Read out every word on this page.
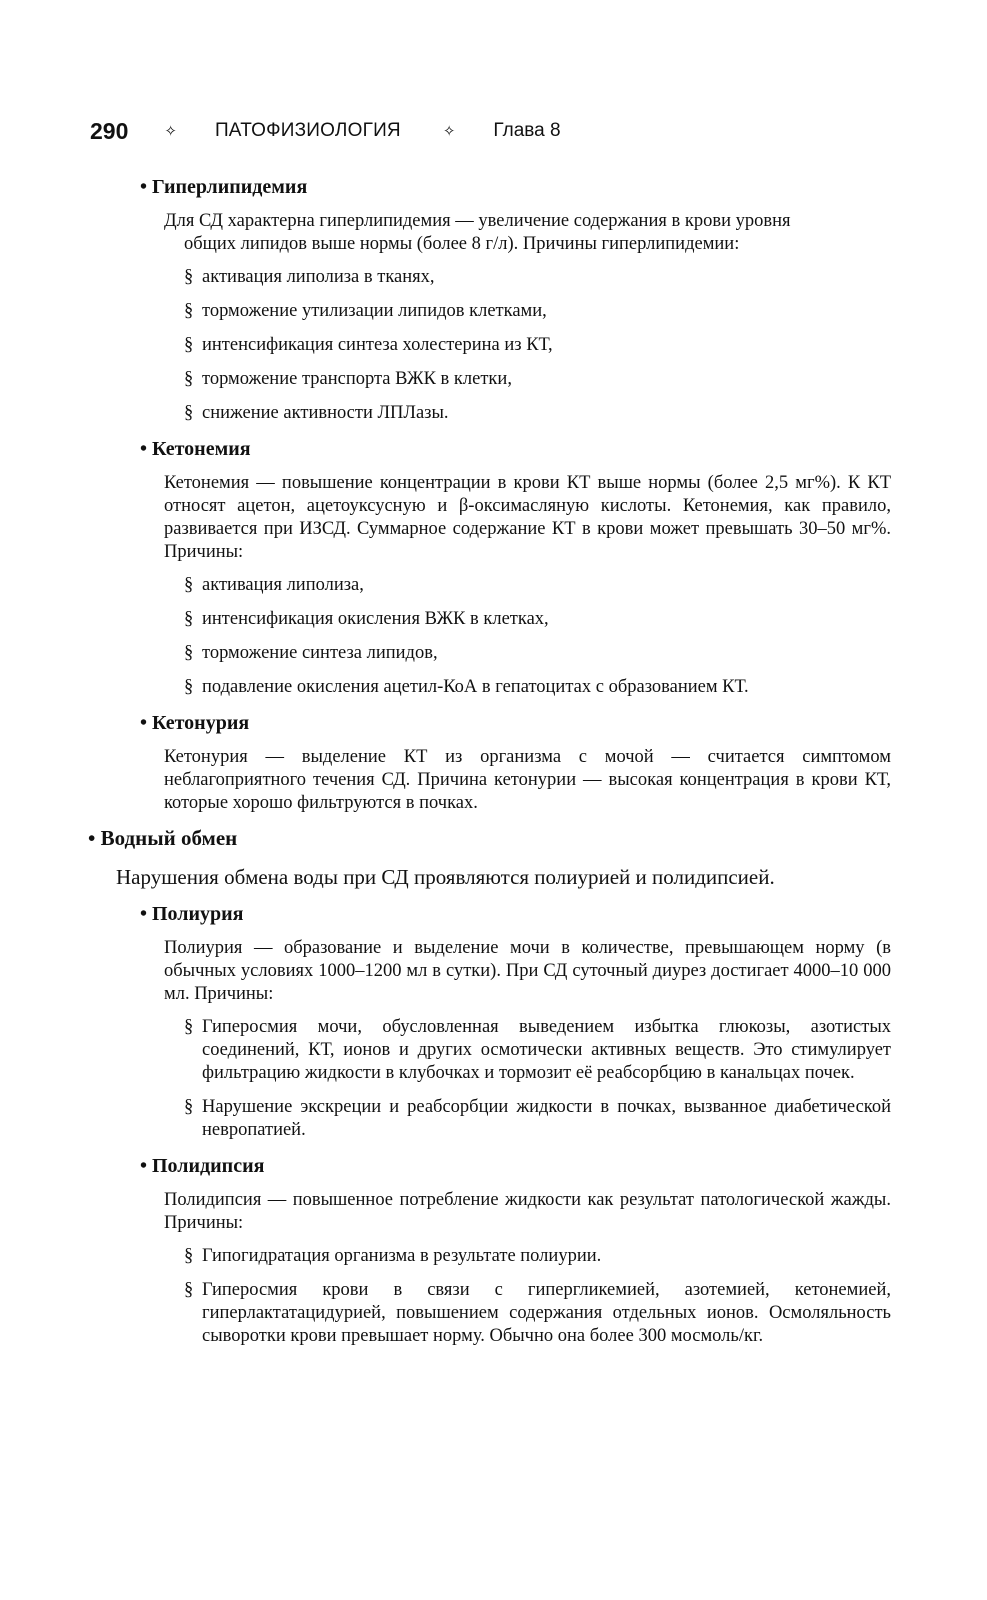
290 ✧ ПАТОФИЗИОЛОГИЯ	✧ Глава 8
• Гиперлипидемия
Для СД характерна гиперлипидемия — увеличение содержания в крови уровня
общих липидов выше нормы (более 8 г/л). Причины гиперлипидемии:
§ активация липолиза в тканях,
§ торможение утилизации липидов клетками,
§ интенсификация синтеза холестерина из КТ,
§ торможение транспорта ВЖК в клетки,
§ снижение активности ЛПЛазы.
• Кетонемия
Кетонемия — повышение концентрации в крови КТ выше нормы (более 2,5 мг%). К КТ относят ацетон, ацетоуксусную и β-оксимасляную кислоты. Кетонемия, как правило, развивается при ИЗСД. Суммарное содержание КТ в крови может превышать 30–50 мг%. Причины:
§ активация липолиза,
§ интенсификация окисления ВЖК в клетках,
§ торможение синтеза липидов,
§ подавление окисления ацетил-КоА в гепатоцитах с образованием КТ.
• Кетонурия
Кетонурия — выделение КТ из организма с мочой — считается симптомом неблагоприятного течения СД. Причина кетонурии — высокая концентрация в крови КТ, которые хорошо фильтруются в почках.
• Водный обмен
Нарушения обмена воды при СД проявляются полиурией и полидипсией.
• Полиурия
Полиурия — образование и выделение мочи в количестве, превышающем норму (в обычных условиях 1000–1200 мл в сутки). При СД суточный диурез достигает 4000–10 000 мл. Причины:
§ Гиперосмия мочи, обусловленная выведением избытка глюкозы, азотистых соединений, КТ, ионов и других осмотически активных веществ. Это стимулирует фильтрацию жидкости в клубочках и тормозит её реабсорбцию в канальцах почек.
§ Нарушение экскреции и реабсорбции жидкости в почках, вызванное диабетической невропатией.
• Полидипсия
Полидипсия — повышенное потребление жидкости как результат патологической жажды. Причины:
§ Гипогидратация организма в результате полиурии.
§ Гиперосмия крови в связи с гипергликемией, азотемией, кетонемией, гиперлактатацидурией, повышением содержания отдельных ионов. Осмоляльность сыворотки крови превышает норму. Обычно она более 300 мосмоль/кг.
